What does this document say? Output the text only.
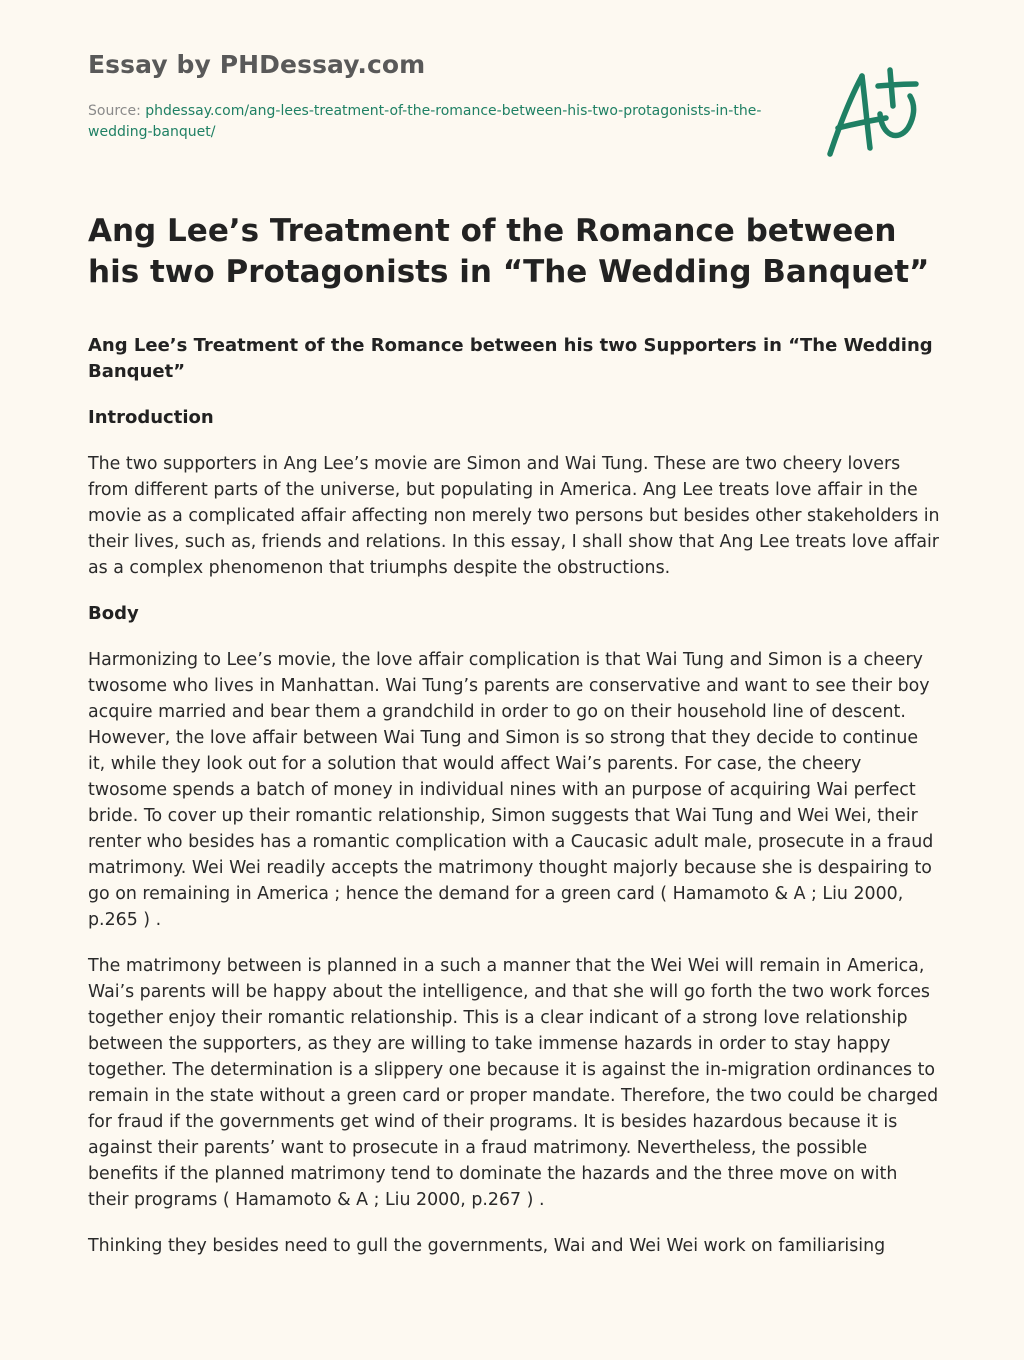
Essay by PHDessay.com
Source: phdessay.com/ang-lees-treatment-of-the-romance-between-his-two-protagonists-in-the-wedding-banquet/
Ang Lee’s Treatment of the Romance between his two Protagonists in “The Wedding Banquet”

Ang Lee’s Treatment of the Romance between his two Supporters in “The Wedding Banquet”

Introduction

The two supporters in Ang Lee’s movie are Simon and Wai Tung. These are two cheery lovers from different parts of the universe, but populating in America. Ang Lee treats love affair in the movie as a complicated affair affecting non merely two persons but besides other stakeholders in their lives, such as, friends and relations. In this essay, I shall show that Ang Lee treats love affair as a complex phenomenon that triumphs despite the obstructions.

Body

Harmonizing to Lee’s movie, the love affair complication is that Wai Tung and Simon is a cheery twosome who lives in Manhattan. Wai Tung’s parents are conservative and want to see their boy acquire married and bear them a grandchild in order to go on their household line of descent. However, the love affair between Wai Tung and Simon is so strong that they decide to continue it, while they look out for a solution that would affect Wai’s parents. For case, the cheery twosome spends a batch of money in individual nines with an purpose of acquiring Wai perfect bride. To cover up their romantic relationship, Simon suggests that Wai Tung and Wei Wei, their renter who besides has a romantic complication with a Caucasic adult male, prosecute in a fraud matrimony. Wei Wei readily accepts the matrimony thought majorly because she is despairing to go on remaining in America ; hence the demand for a green card ( Hamamoto & A ; Liu 2000, p.265 ) .

The matrimony between is planned in a such a manner that the Wei Wei will remain in America, Wai’s parents will be happy about the intelligence, and that she will go forth the two work forces together enjoy their romantic relationship. This is a clear indicant of a strong love relationship between the supporters, as they are willing to take immense hazards in order to stay happy together. The determination is a slippery one because it is against the in-migration ordinances to remain in the state without a green card or proper mandate. Therefore, the two could be charged for fraud if the governments get wind of their programs. It is besides hazardous because it is against their parents’ want to prosecute in a fraud matrimony. Nevertheless, the possible benefits if the planned matrimony tend to dominate the hazards and the three move on with their programs ( Hamamoto & A ; Liu 2000, p.267 ) .

Thinking they besides need to gull the governments, Wai and Wei Wei work on familiarising
